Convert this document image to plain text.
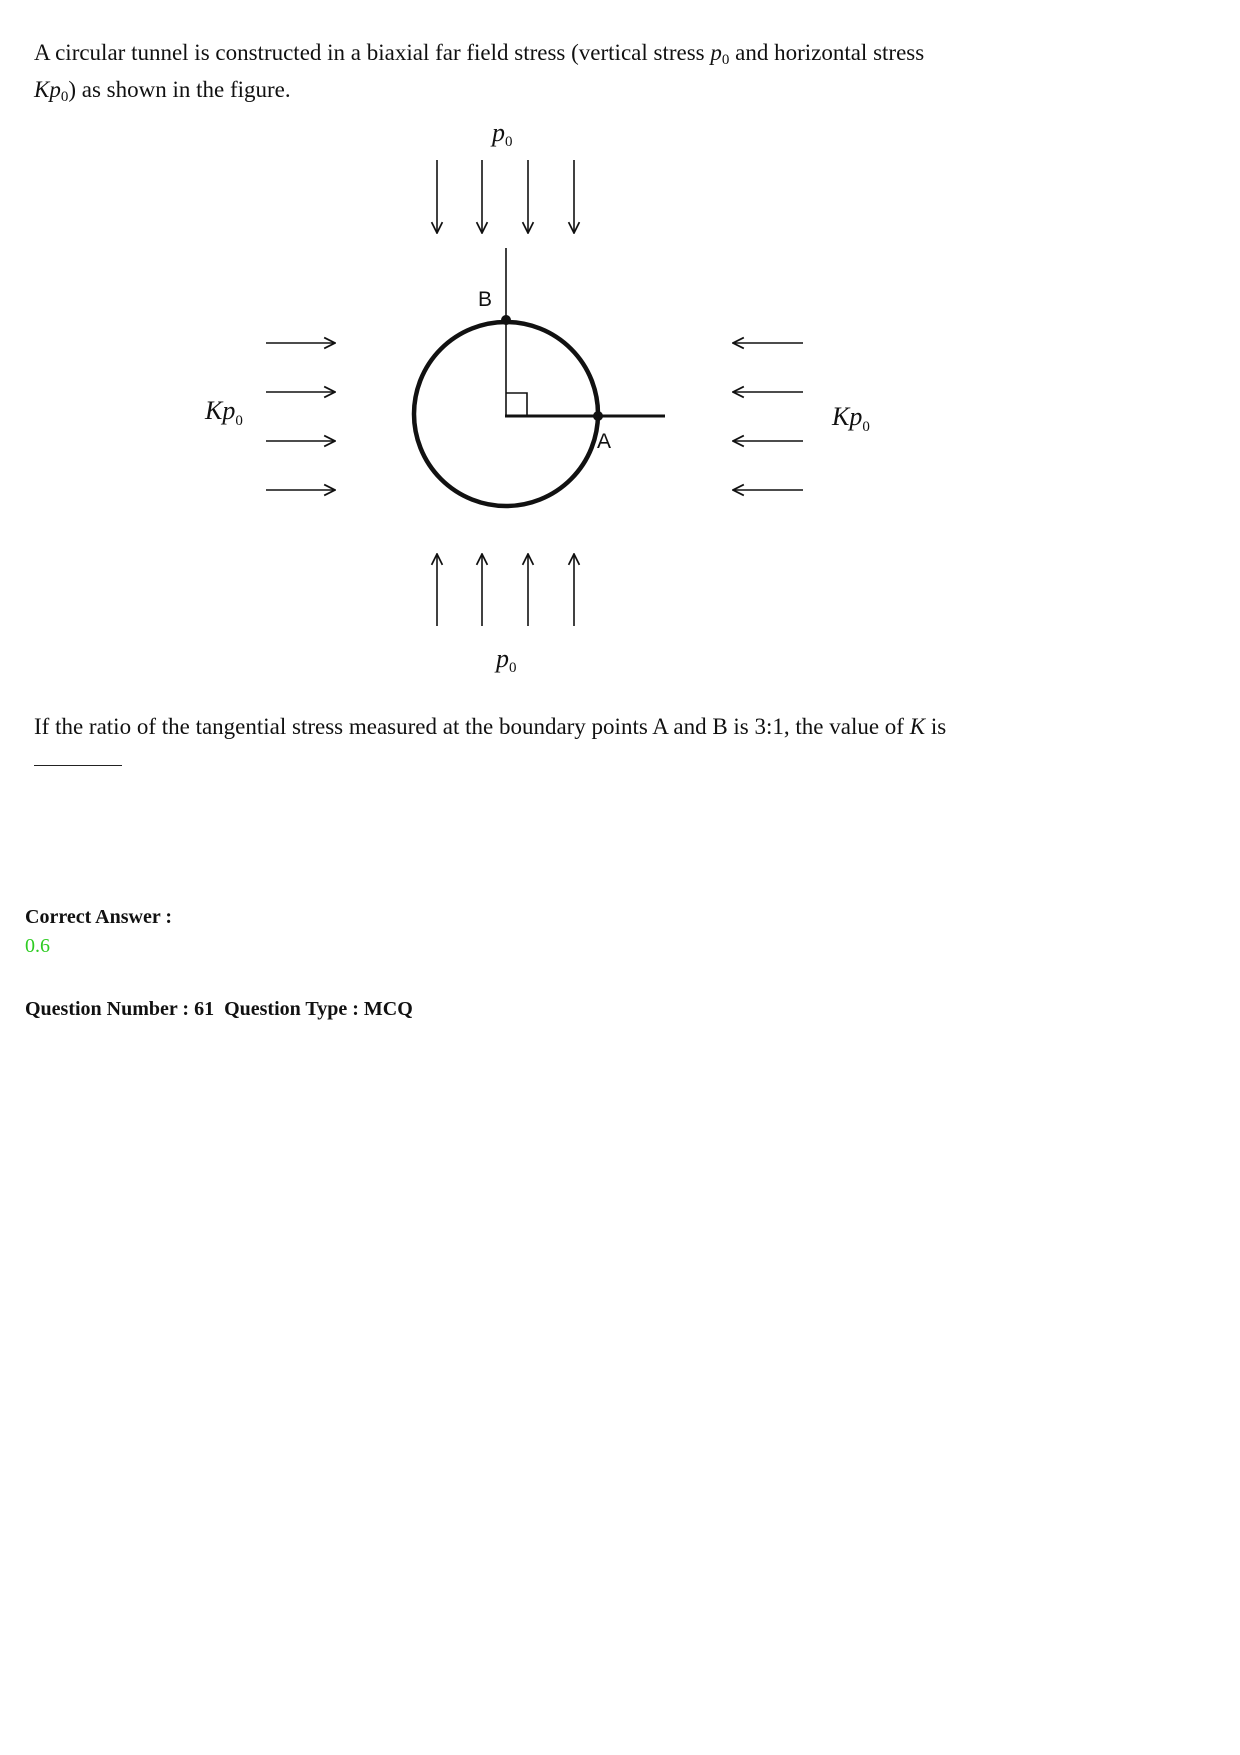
A circular tunnel is constructed in a biaxial far field stress (vertical stress $p_0$ and horizontal stress
$Kp_0$) as shown in the figure.
p0
p0
$Kp_0$	$Kp_0$
B
A
If the ratio of the tangential stress measured at the boundary points A and B is 3:1, the value of K is
Correct Answer :
0.6
Question Number : 61 Question Type : MCQ
